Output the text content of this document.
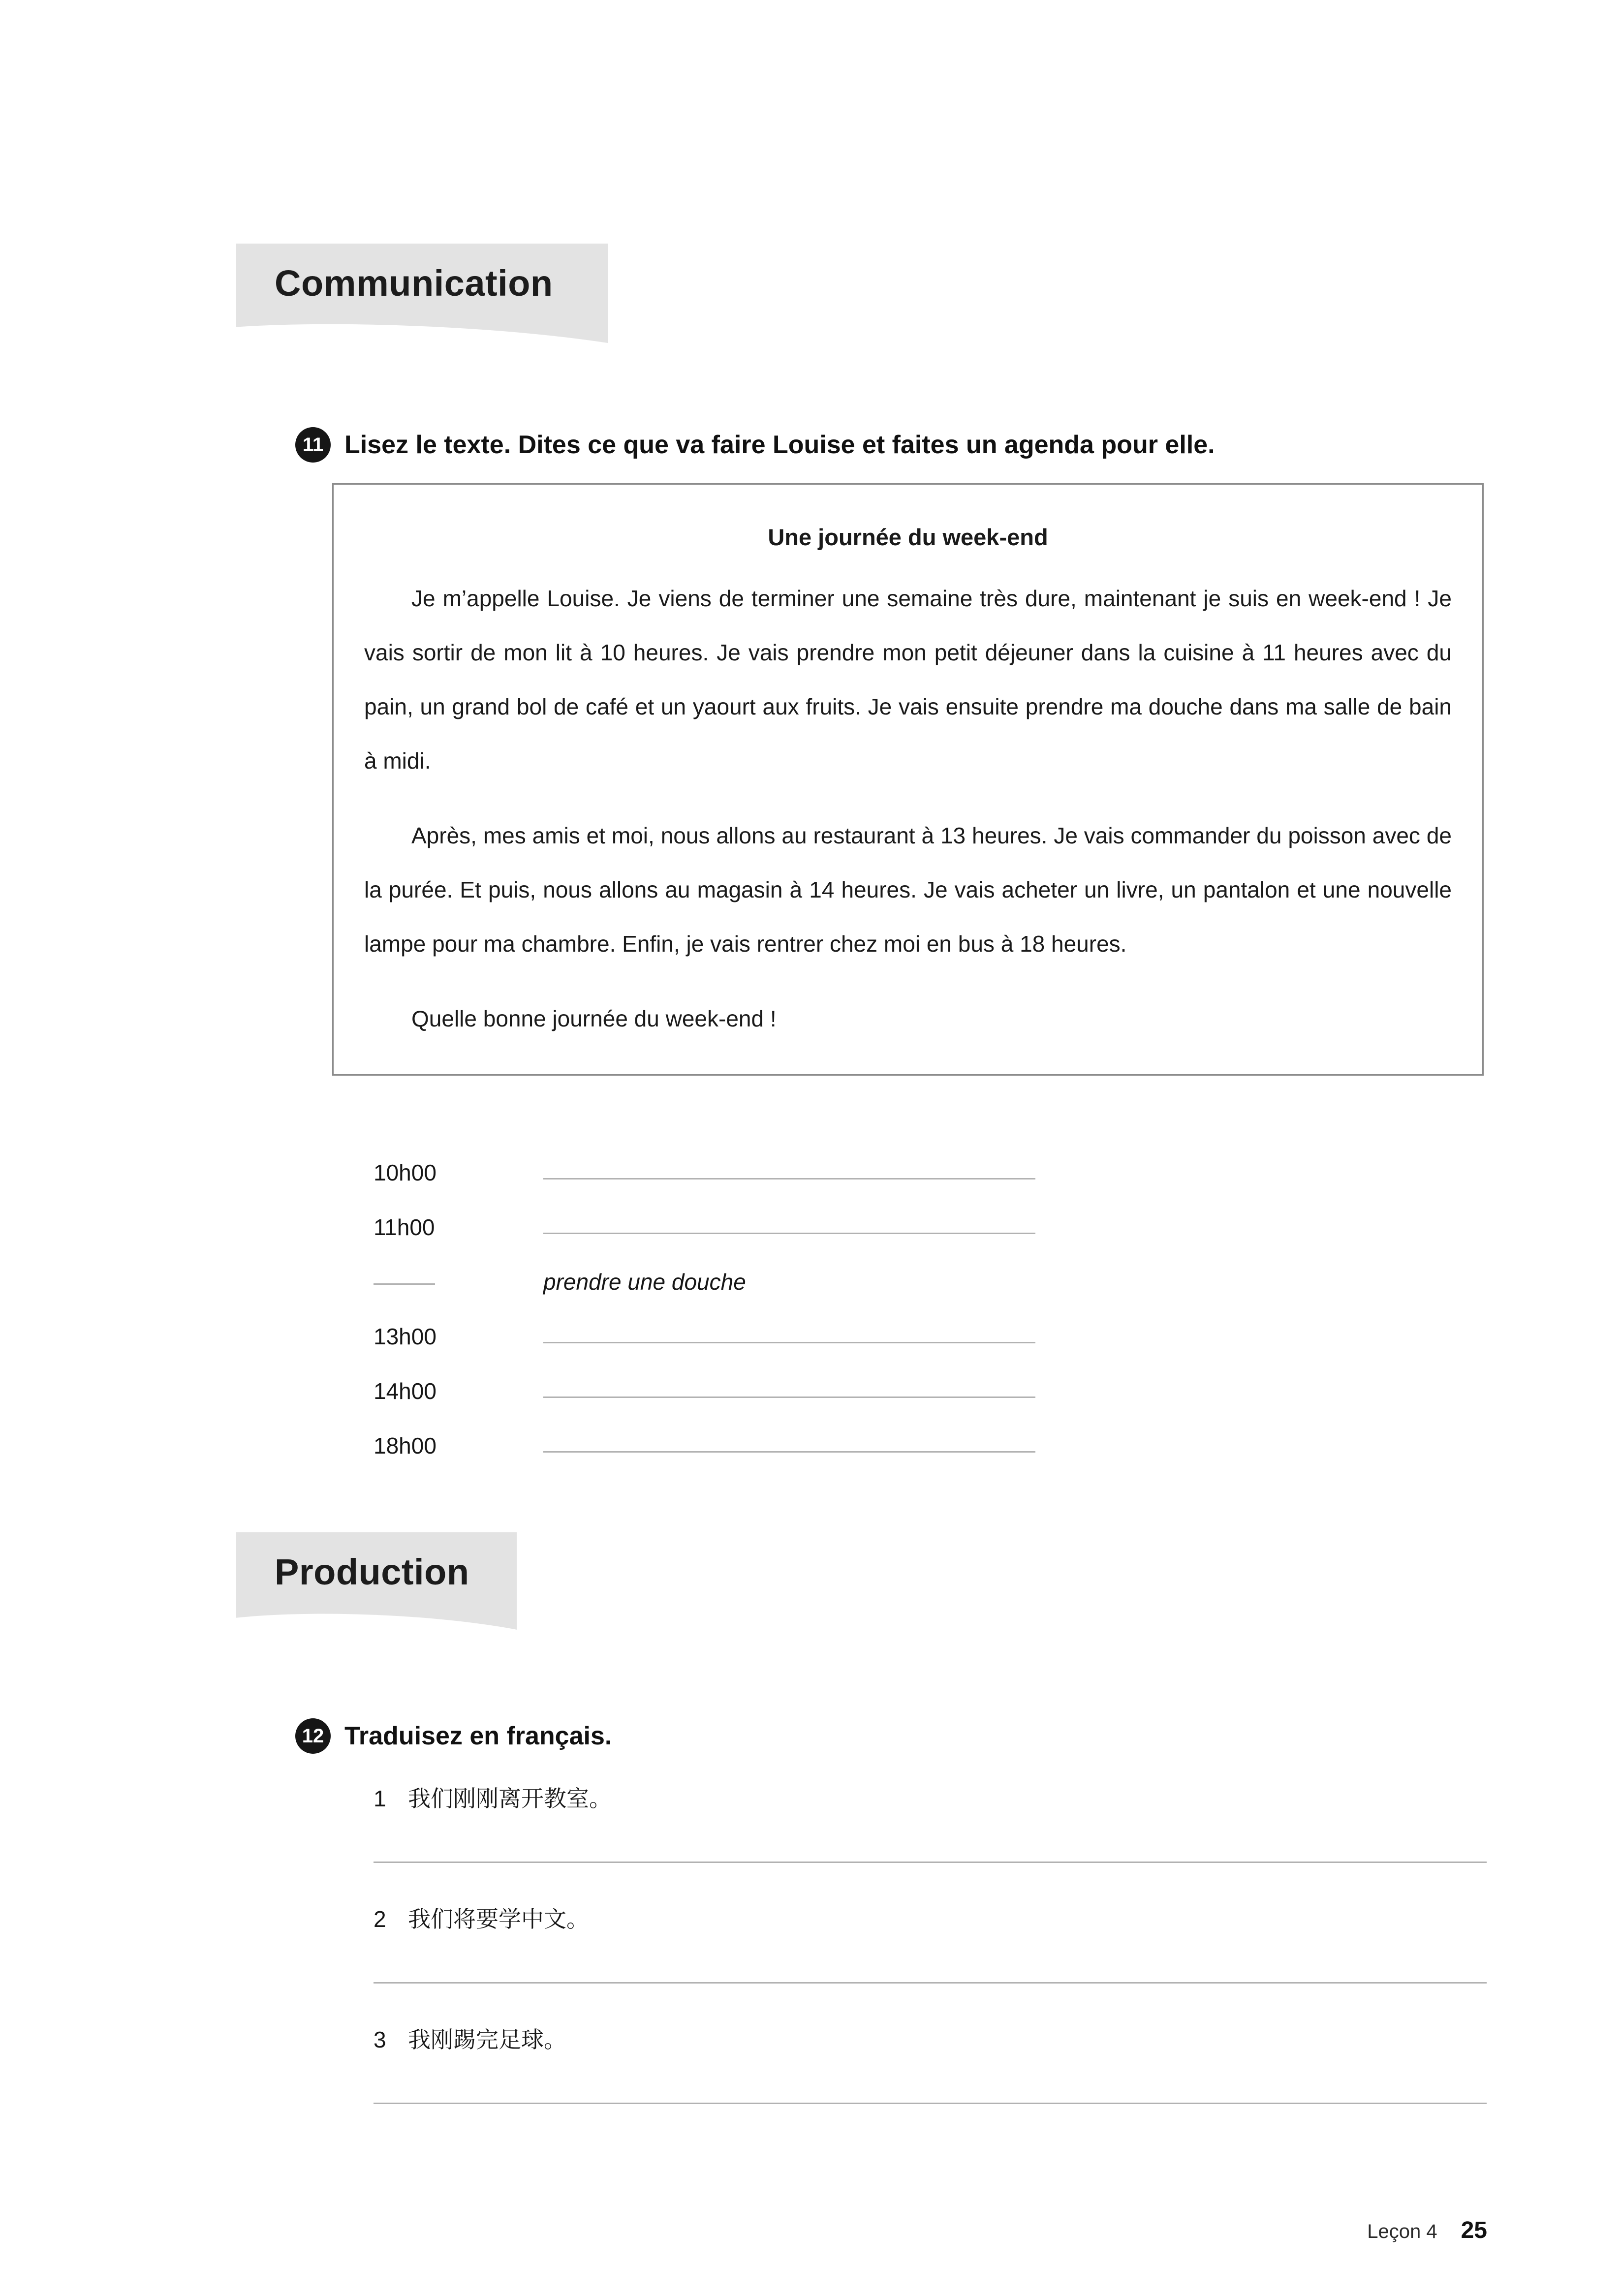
Communication
11 Lisez le texte. Dites ce que va faire Louise et faites un agenda pour elle.
Une journée du week-end

Je m’appelle Louise. Je viens de terminer une semaine très dure, maintenant je suis en week-end ! Je vais sortir de mon lit à 10 heures. Je vais prendre mon petit déjeuner dans la cuisine à 11 heures avec du pain, un grand bol de café et un yaourt aux fruits. Je vais ensuite prendre ma douche dans ma salle de bain à midi.

Après, mes amis et moi, nous allons au restaurant à 13 heures. Je vais commander du poisson avec de la purée. Et puis, nous allons au magasin à 14 heures. Je vais acheter un livre, un pantalon et une nouvelle lampe pour ma chambre. Enfin, je vais rentrer chez moi en bus à 18 heures.

Quelle bonne journée du week-end !

10h00
11h00
prendre une douche
13h00
14h00
18h00
Production
12 Traduisez en français.
1 我们刚刚离开教室。
2 我们将要学中文。
3 我刚踢完足球。
Leçon 4 25
